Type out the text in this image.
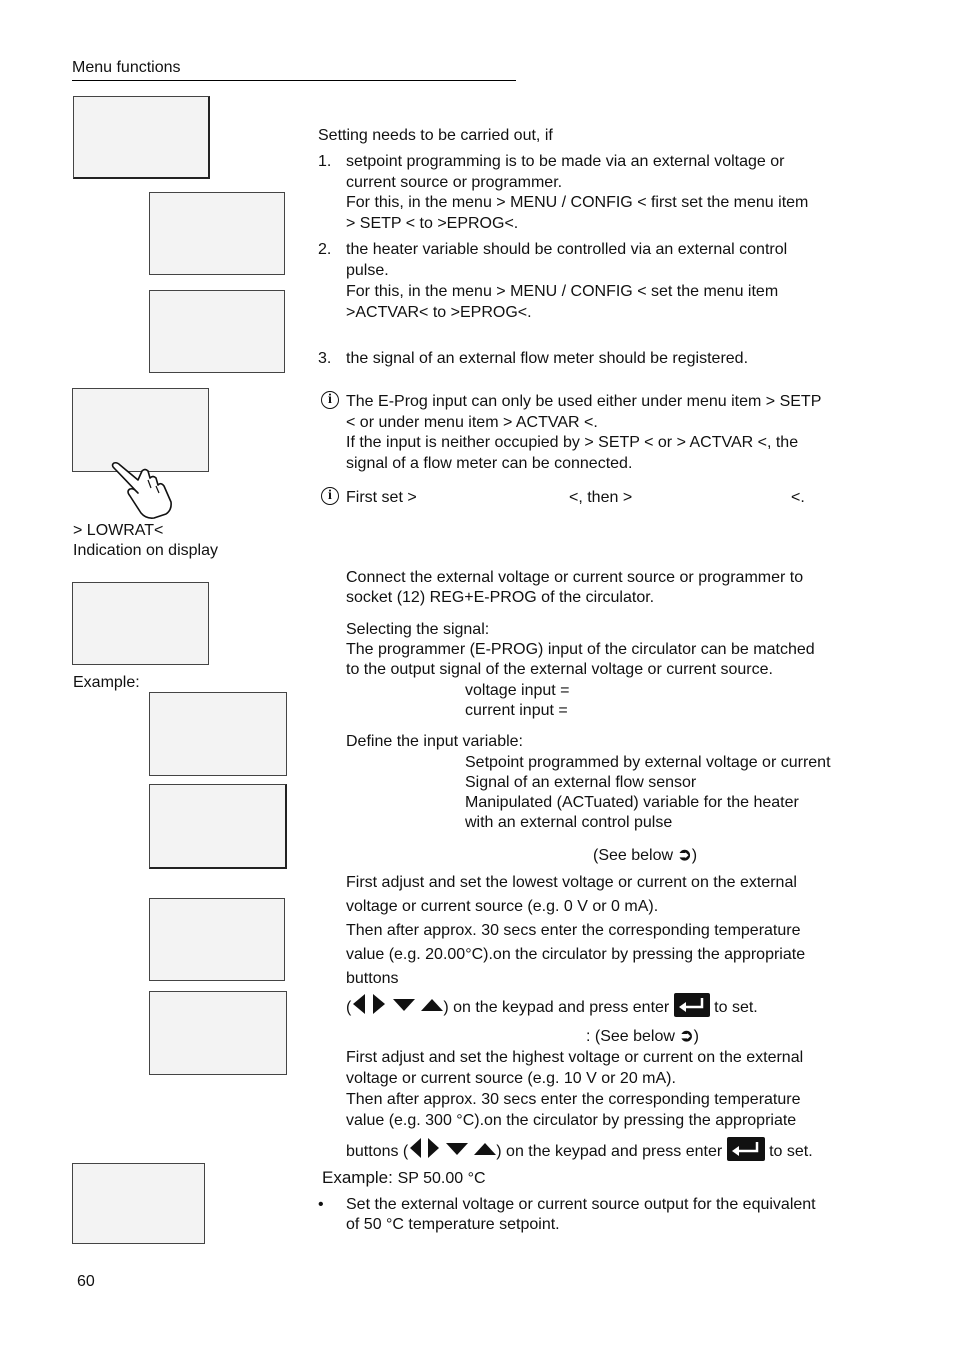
Menu functions
> LOWRAT<
Indication on display
Example:
Setting needs to be carried out, if
1. setpoint programming is to be made via an external voltage or
current source or programmer.
For this, in the menu > MENU / CONFIG < first set the menu item
> SETP < to >EPROG<.
2. the heater variable should be controlled via an external control
pulse.
For this, in the menu > MENU / CONFIG < set the menu item
>ACTVAR< to >EPROG<.
3. the signal of an external flow meter should be registered.
i The E-Prog input can only be used either under menu item > SETP
< or under menu item > ACTVAR <.
If the input is neither occupied by > SETP < or > ACTVAR <, the
signal of a flow meter can be connected.
i First set >	<, then >	<.
Connect the external voltage or current source or programmer to
socket (12) REG+E-PROG of the circulator.
Selecting the signal:
The programmer (E-PROG) input of the circulator can be matched
to the output signal of the external voltage or current source.
voltage input =
current input =
Define the input variable:
Setpoint programmed by external voltage or current
Signal of an external flow sensor
Manipulated (ACTuated) variable for the heater
with an external control pulse
(See below ➲)
First adjust and set the lowest voltage or current on the external
voltage or current source (e.g. 0 V or 0 mA).
Then after approx. 30 secs enter the corresponding temperature
value (e.g. 20.00°C).on the circulator by pressing the appropriate
buttons
(	) on the keypad and press enter	to set.
: (See below ➲)
First adjust and set the highest voltage or current on the external
voltage or current source (e.g. 10 V or 20 mA).
Then after approx. 30 secs enter the corresponding temperature
value (e.g. 300 °C).on the circulator by pressing the appropriate
buttons (	) on the keypad and press enter	to set.
Example: SP 50.00 °C
• Set the external voltage or current source output for the equivalent
of 50 °C temperature setpoint.
60
